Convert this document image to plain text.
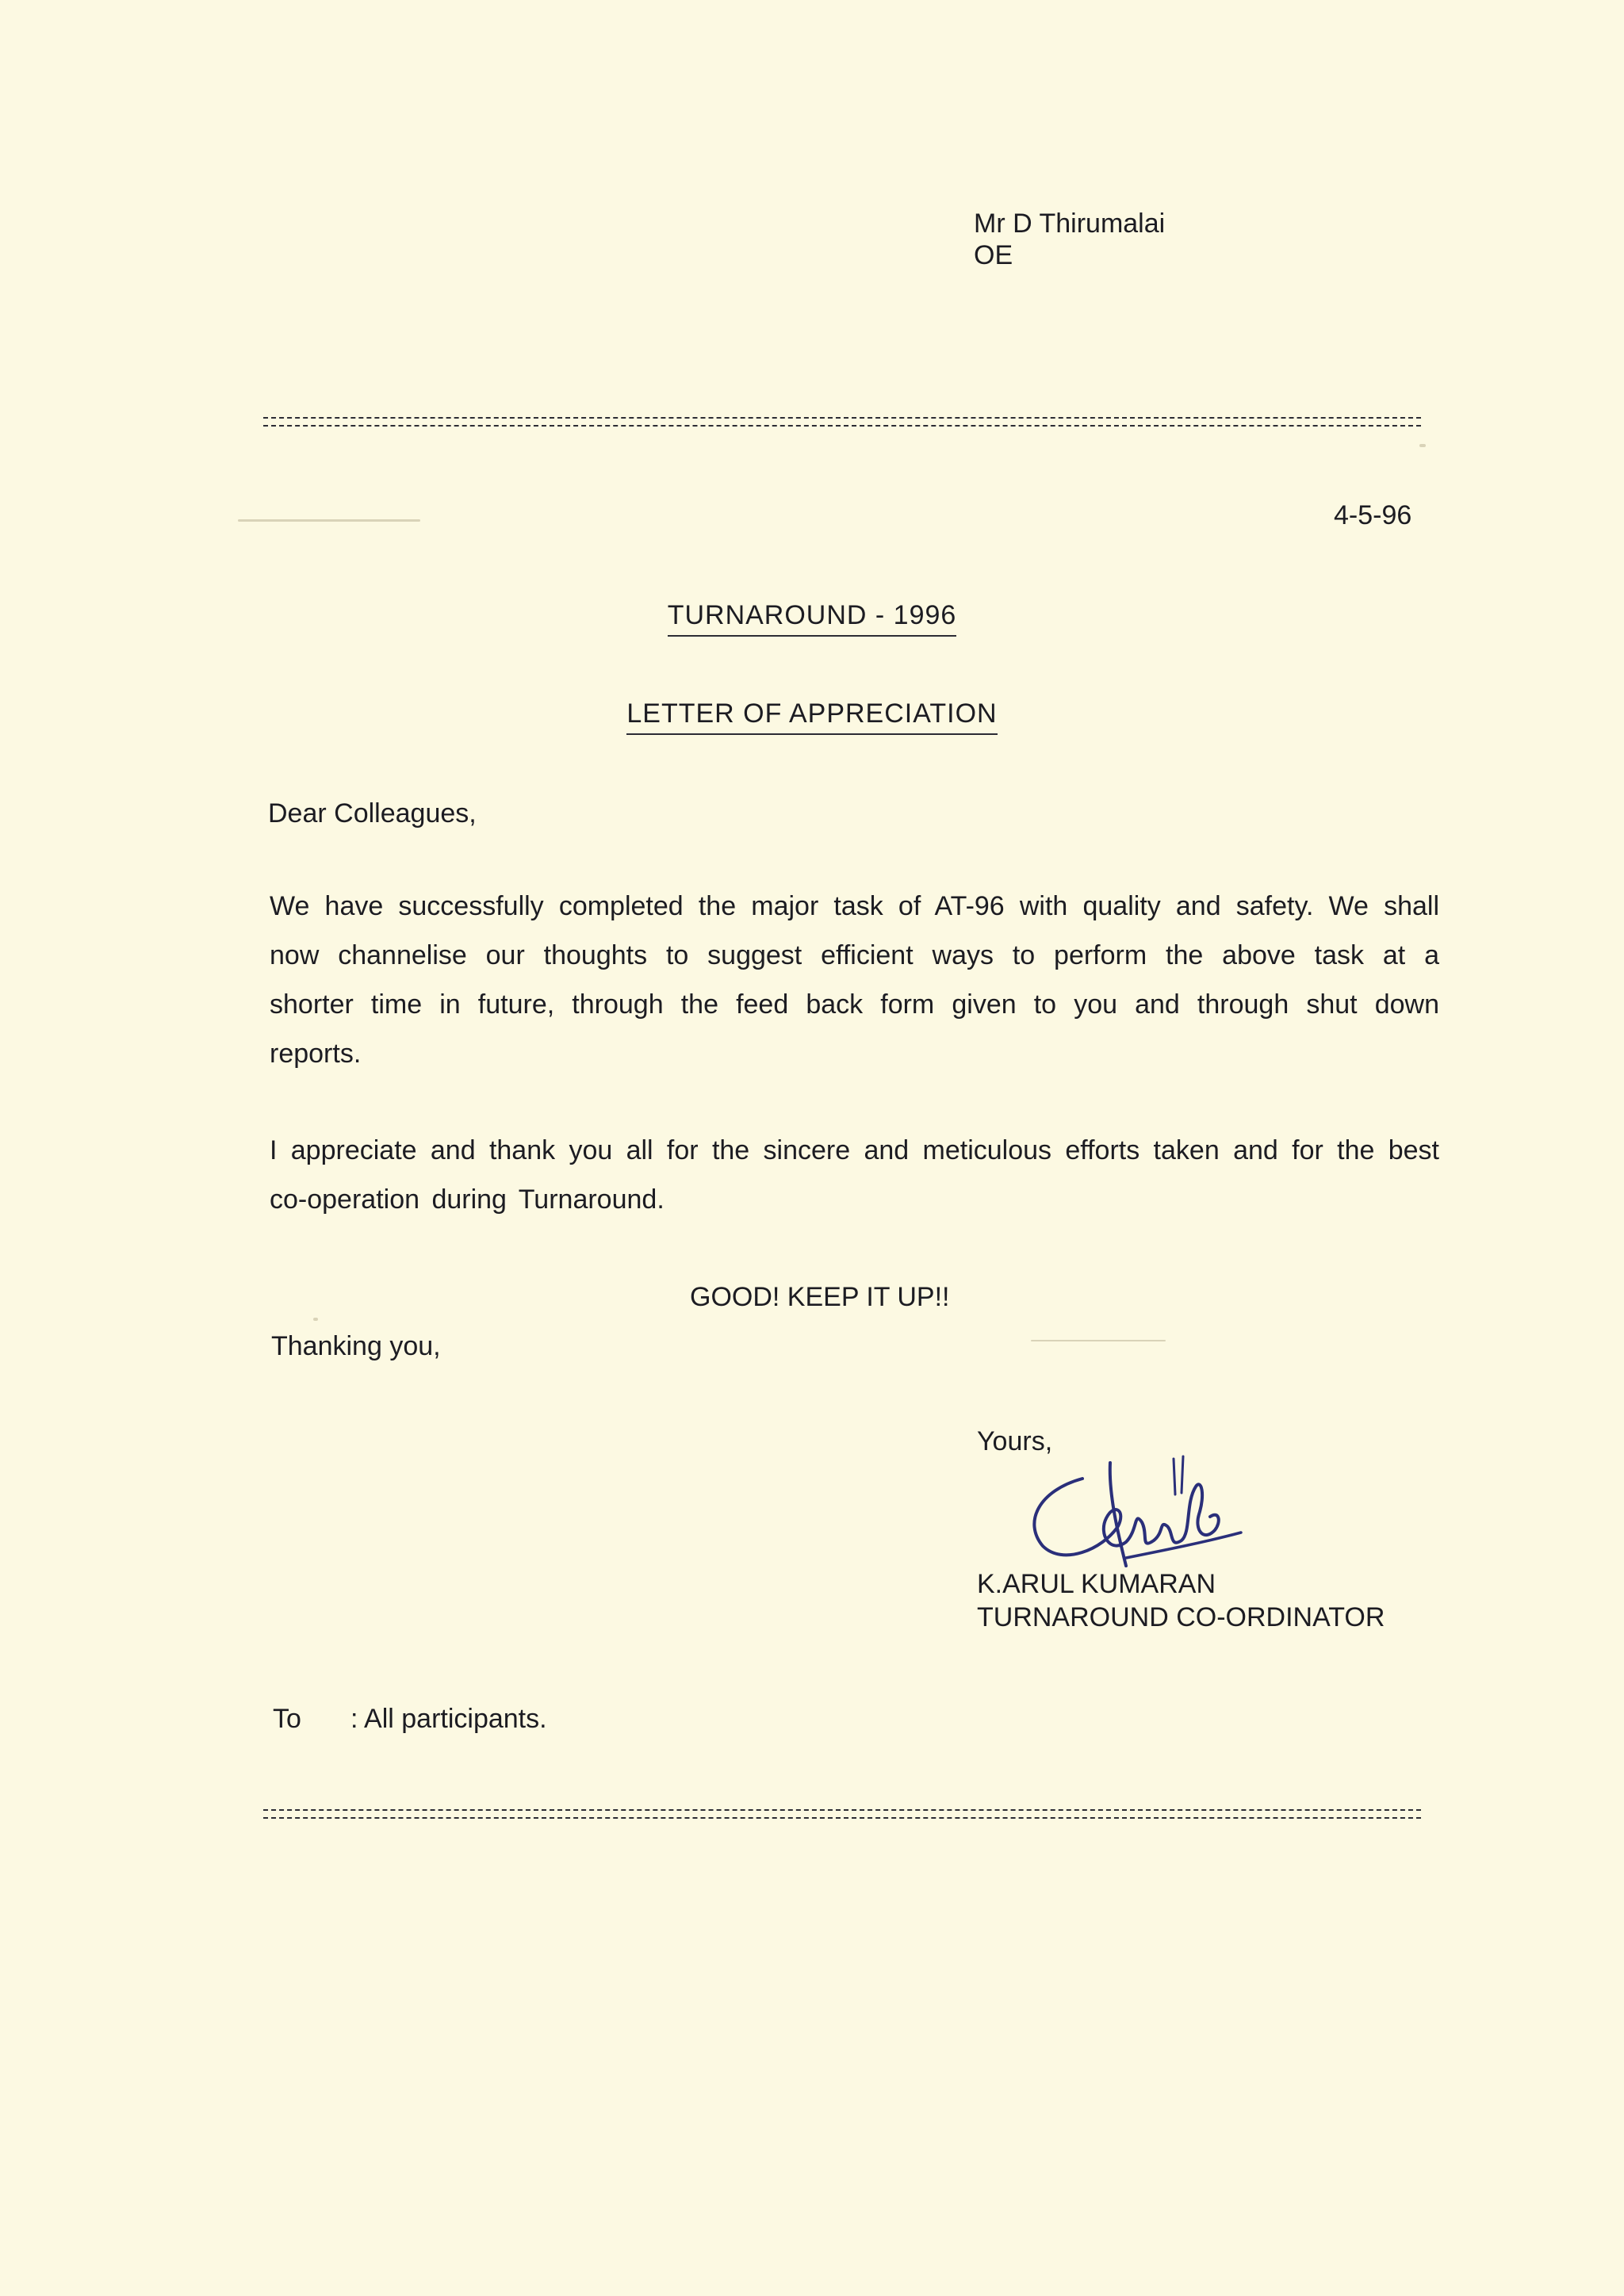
Mr D Thirumalai
OE
4-5-96
TURNAROUND - 1996
LETTER OF APPRECIATION
Dear Colleagues,
We have successfully completed the major task of AT-96 with quality and safety. We shall now channelise our thoughts to suggest efficient ways to perform the above task at a shorter time in future, through the feed back form given to you and through shut down reports.
I appreciate and thank you all for the sincere and meticulous efforts taken and for the best co-operation during Turnaround.
GOOD! KEEP IT UP!!
Thanking you,
Yours,
K.ARUL KUMARAN
TURNAROUND CO-ORDINATOR
To : All participants.
